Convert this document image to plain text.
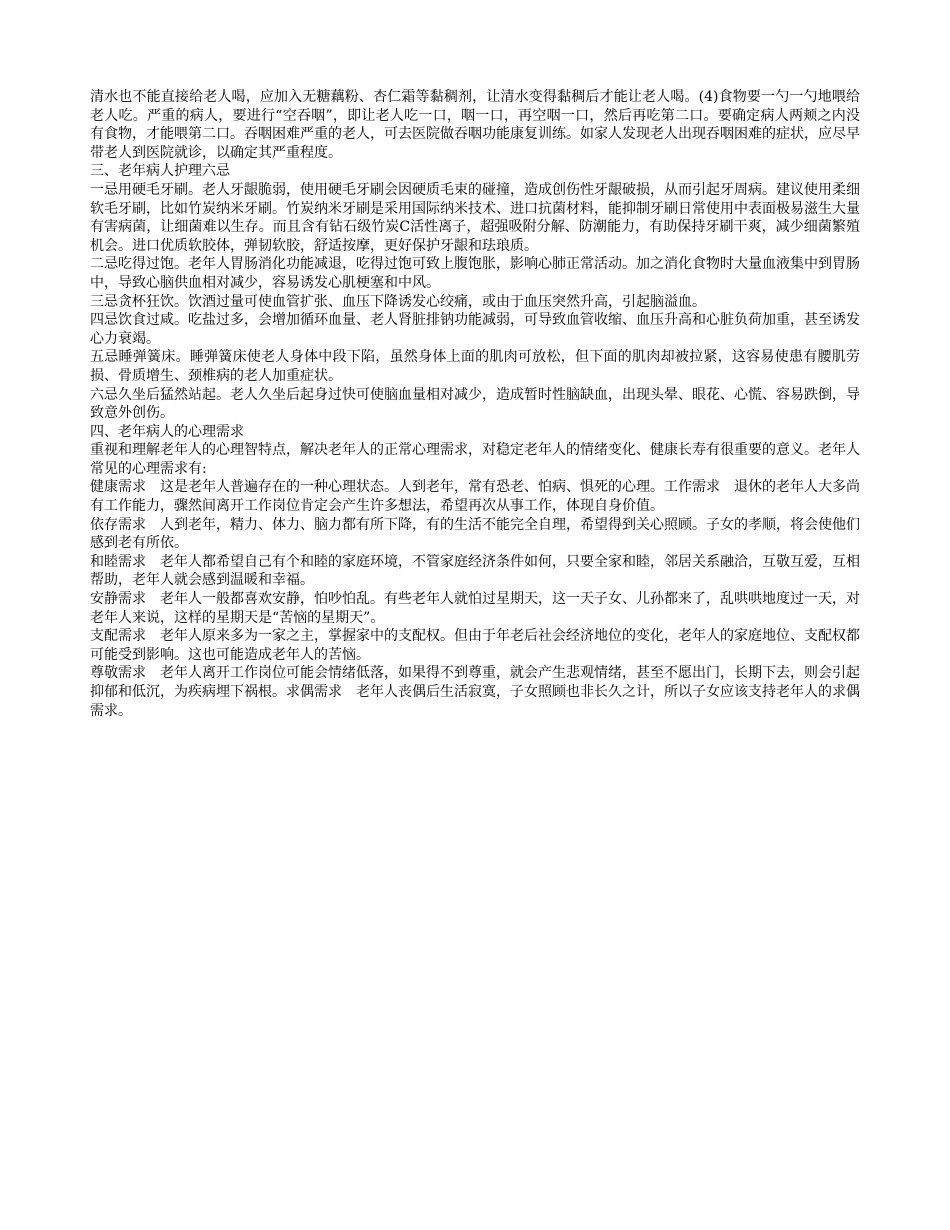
清水也不能直接给老人喝，应加入无糖藕粉、杏仁霜等黏稠剂，让清水变得黏稠后才能让老人喝。(4)食物要一勺一勺地喂给老人吃。严重的病人，要进行“空吞咽”，即让老人吃一口，咽一口，再空咽一口，然后再吃第二口。要确定病人两颊之内没有食物，才能喂第二口。吞咽困难严重的老人，可去医院做吞咽功能康复训练。如家人发现老人出现吞咽困难的症状，应尽早带老人到医院就诊，以确定其严重程度。

三、老年病人护理六忌

一忌用硬毛牙刷。老人牙龈脆弱，使用硬毛牙刷会因硬质毛束的碰撞，造成创伤性牙龈破损，从而引起牙周病。建议使用柔细软毛牙刷，比如竹炭纳米牙刷。竹炭纳米牙刷是采用国际纳米技术、进口抗菌材料，能抑制牙刷日常使用中表面极易滋生大量有害病菌，让细菌难以生存。而且含有钻石级竹炭C活性离子，超强吸附分解、防潮能力，有助保持牙刷干爽，减少细菌繁殖机会。进口优质软胶体，弹韧软胶，舒适按摩，更好保护牙龈和珐琅质。

二忌吃得过饱。老年人胃肠消化功能减退，吃得过饱可致上腹饱胀，影响心肺正常活动。加之消化食物时大量血液集中到胃肠中，导致心脑供血相对减少，容易诱发心肌梗塞和中风。

三忌贪杯狂饮。饮酒过量可使血管扩张、血压下降诱发心绞痛，或由于血压突然升高，引起脑溢血。

四忌饮食过咸。吃盐过多，会增加循环血量、老人肾脏排钠功能减弱，可导致血管收缩、血压升高和心脏负荷加重，甚至诱发心力衰竭。

五忌睡弹簧床。睡弹簧床使老人身体中段下陷，虽然身体上面的肌肉可放松，但下面的肌肉却被拉紧，这容易使患有腰肌劳损、骨质增生、颈椎病的老人加重症状。

六忌久坐后猛然站起。老人久坐后起身过快可使脑血量相对减少，造成暂时性脑缺血，出现头晕、眼花、心慌、容易跌倒，导致意外创伤。

四、老年病人的心理需求

重视和理解老年人的心理智特点，解决老年人的正常心理需求，对稳定老年人的情绪变化、健康长寿有很重要的意义。老年人常见的心理需求有:

健康需求　这是老年人普遍存在的一种心理状态。人到老年，常有恐老、怕病、惧死的心理。工作需求　退休的老年人大多尚有工作能力，骤然间离开工作岗位肯定会产生许多想法，希望再次从事工作，体现自身价值。

依存需求　人到老年，精力、体力、脑力都有所下降，有的生活不能完全自理，希望得到关心照顾。子女的孝顺，将会使他们感到老有所依。

和睦需求　老年人都希望自己有个和睦的家庭环境，不管家庭经济条件如何，只要全家和睦，邻居关系融洽，互敬互爱，互相帮助，老年人就会感到温暖和幸福。

安静需求　老年人一般都喜欢安静，怕吵怕乱。有些老年人就怕过星期天，这一天子女、儿孙都来了，乱哄哄地度过一天，对老年人来说，这样的星期天是“苦恼的星期天”。

支配需求　老年人原来多为一家之主，掌握家中的支配权。但由于年老后社会经济地位的变化，老年人的家庭地位、支配权都可能受到影响。这也可能造成老年人的苦恼。

尊敬需求　老年人离开工作岗位可能会情绪低落，如果得不到尊重，就会产生悲观情绪，甚至不愿出门，长期下去，则会引起抑郁和低沉，为疾病埋下祸根。求偶需求　老年人丧偶后生活寂寞，子女照顾也非长久之计，所以子女应该支持老年人的求偶需求。
